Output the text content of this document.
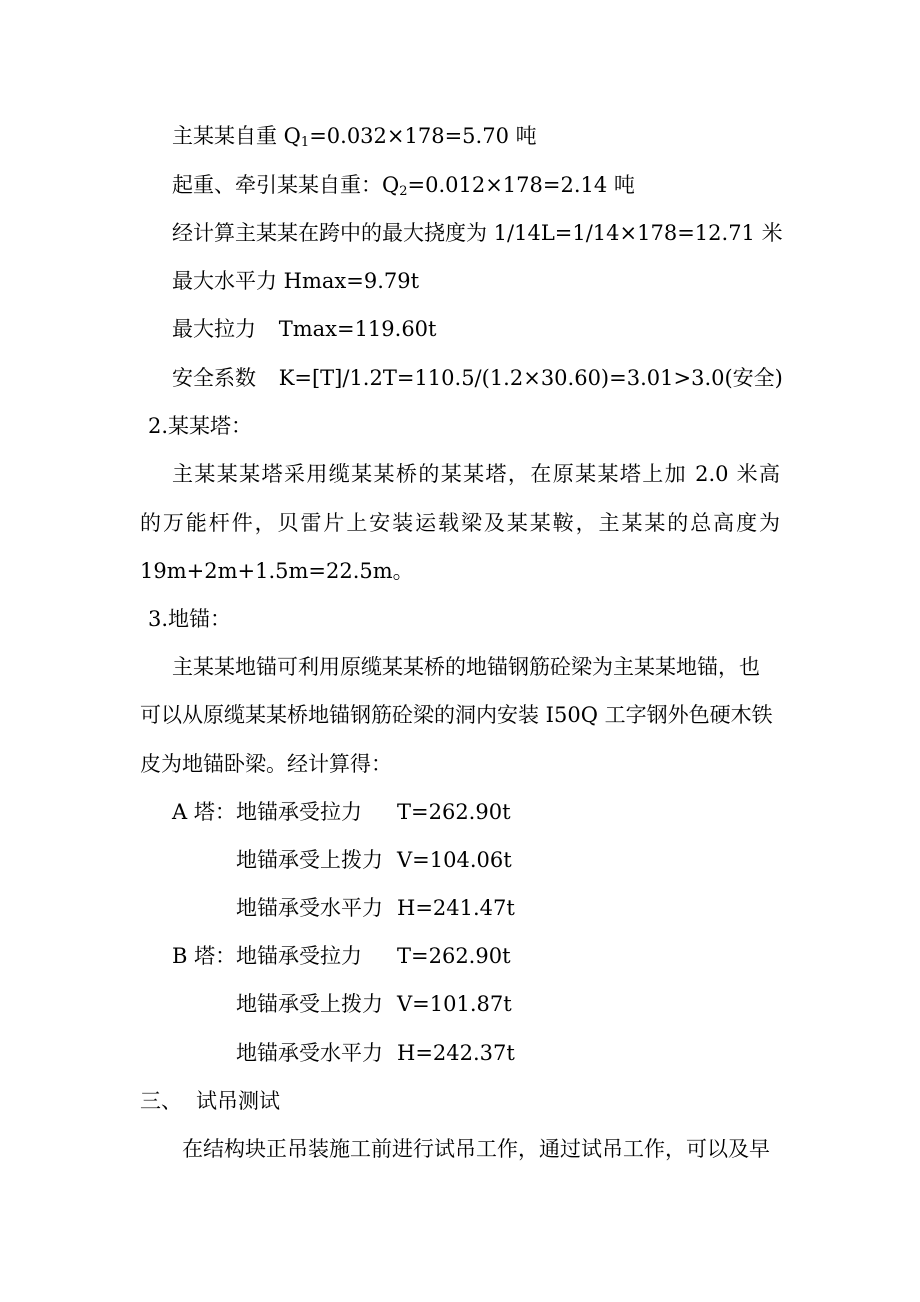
主某某自重 $Q_1=0.032\times 178=5.70$ 吨
起重、牵引某某自重：$Q_2=0.012\times 178=2.14$ 吨
经计算主某某在跨中的最大挠度为 1/14L=1/14×178=12.71 米
最大水平力 Hmax=9.79t
最大拉力 Tmax=119.60t
安全系数 K=[T]/1.2T=110.5/(1.2×30.60)=3.01>3.0(安全)
2.某某塔：
主某某某塔采用缆某某桥的某某塔，在原某某塔上加 2.0 米高
的万能杆件，贝雷片上安装运载梁及某某鞍，主某某的总高度为
19m+2m+1.5m=22.5m。
3.地锚：
主某某地锚可利用原缆某某桥的地锚钢筋砼梁为主某某地锚，也
可以从原缆某某桥地锚钢筋砼梁的洞内安装 I50Q 工字钢外色硬木铁
皮为地锚卧梁。经计算得：
A 塔： 地锚承受拉力 T=262.90t
地锚承受上拨力 V=104.06t
地锚承受水平力 H=241.47t
B 塔： 地锚承受拉力 T=262.90t
地锚承受上拨力 V=101.87t
地锚承受水平力 H=242.37t
三、 试吊测试
在结构块正吊装施工前进行试吊工作，通过试吊工作，可以及早
